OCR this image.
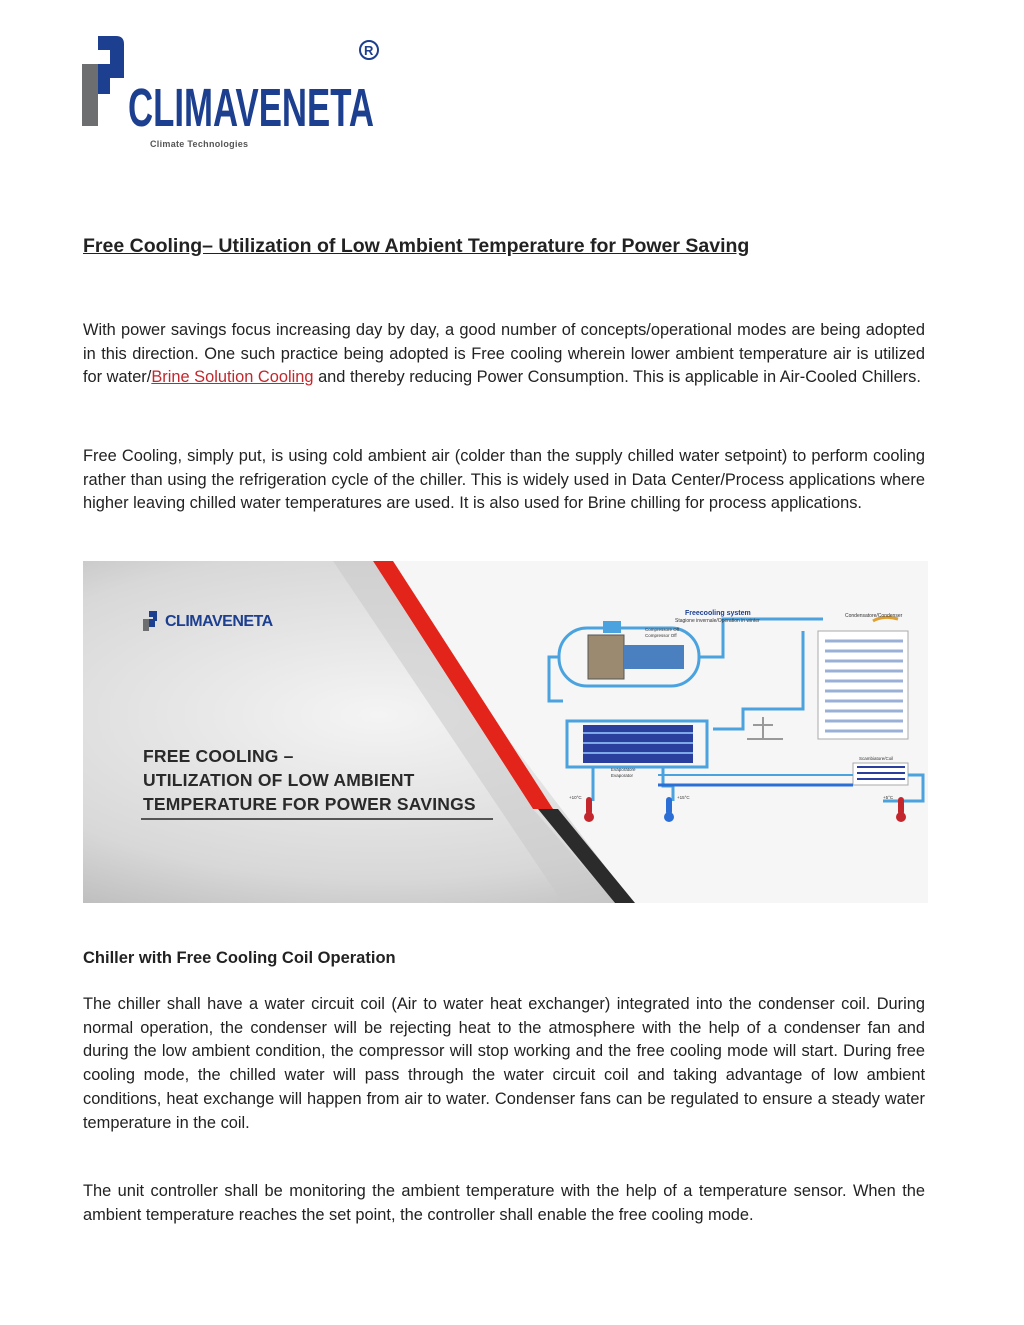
CLIMAVENETA
R
Climate Technologies
Free Cooling– Utilization of Low Ambient Temperature for Power Saving

With power savings focus increasing day by day, a good number of concepts/operational modes are being adopted in this direction. One such practice being adopted is Free cooling wherein lower ambient temperature air is utilized for water/Brine Solution Cooling and thereby reducing Power Consumption. This is applicable in Air-Cooled Chillers.

Free Cooling, simply put, is using cold ambient air (colder than the supply chilled water setpoint) to perform cooling rather than using the refrigeration cycle of the chiller. This is widely used in Data Center/Process applications where higher leaving chilled water temperatures are used. It is also used for Brine chilling for process applications.

CLIMAVENETA
FREE COOLING –
UTILIZATION OF LOW AMBIENT
TEMPERATURE FOR POWER SAVINGS
Freecooling system
Stagione invernale/Operation in winter
Condensatore/Condenser
Compressore Off
Compressor Off
Evaporatore
Evaporator
Scambiatore/Coil
+10°C	+15°C	+5°C
Chiller with Free Cooling Coil Operation

The chiller shall have a water circuit coil (Air to water heat exchanger) integrated into the condenser coil. During normal operation, the condenser will be rejecting heat to the atmosphere with the help of a condenser fan and during the low ambient condition, the compressor will stop working and the free cooling mode will start. During free cooling mode, the chilled water will pass through the water circuit coil and taking advantage of low ambient conditions, heat exchange will happen from air to water. Condenser fans can be regulated to ensure a steady water temperature in the coil.

The unit controller shall be monitoring the ambient temperature with the help of a temperature sensor. When the ambient temperature reaches the set point, the controller shall enable the free cooling mode.
